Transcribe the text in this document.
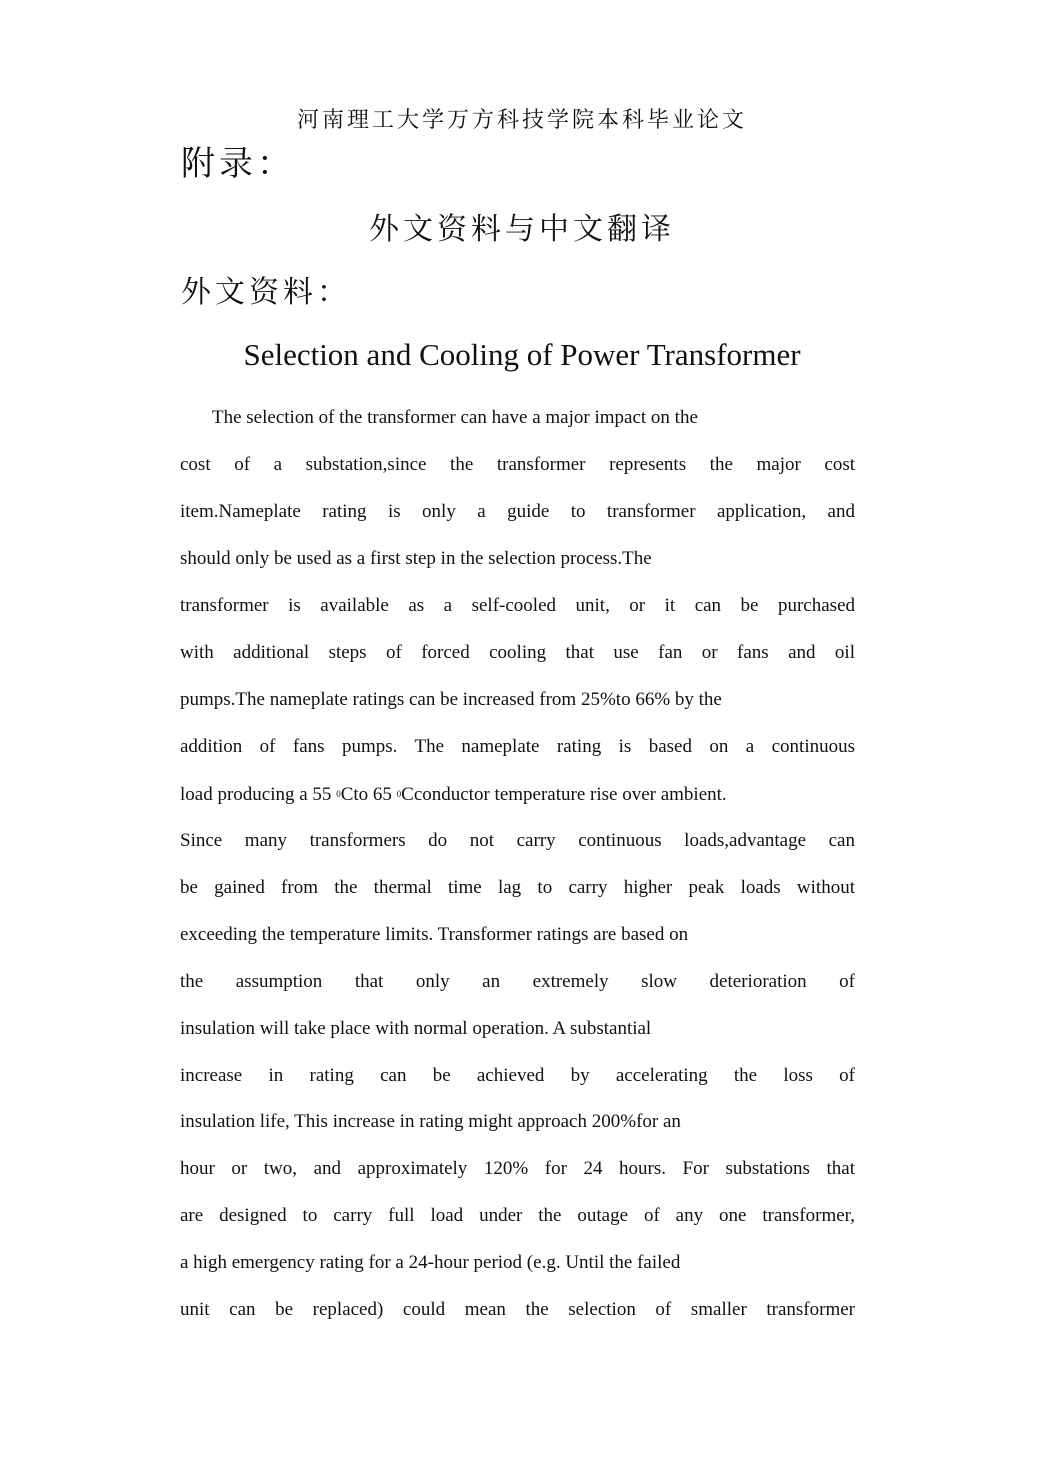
河南理工大学万方科技学院本科毕业论文
附录：
外文资料与中文翻译
外文资料：
Selection and Cooling of Power Transformer
The selection of the transformer can have a major impact on the
cost of a substation,since the transformer represents the major cost
item.Nameplate rating is only a guide to transformer application, and
should only be used as a first step in the selection process.The
transformer is available as a self-cooled unit, or it can be purchased
with additional steps of forced cooling that use fan or fans and oil
pumps.The nameplate ratings can be increased from 25%to 66% by the
addition of fans pumps. The nameplate rating is based on a continuous
load producing a 55 $^0$Cto 65 $^0$Cconductor temperature rise over ambient.
Since many transformers do not carry continuous loads,advantage can
be gained from the thermal time lag to carry higher peak loads without
exceeding the temperature limits. Transformer ratings are based on
the assumption that only an extremely slow deterioration of
insulation will take place with normal operation. A substantial
increase in rating can be achieved by accelerating the loss of
insulation life, This increase in rating might approach 200%for an
hour or two, and approximately 120% for 24 hours. For substations that
are designed to carry full load under the outage of any one transformer,
a high emergency rating for a 24-hour period (e.g. Until the failed
unit can be replaced) could mean the selection of smaller transformer
